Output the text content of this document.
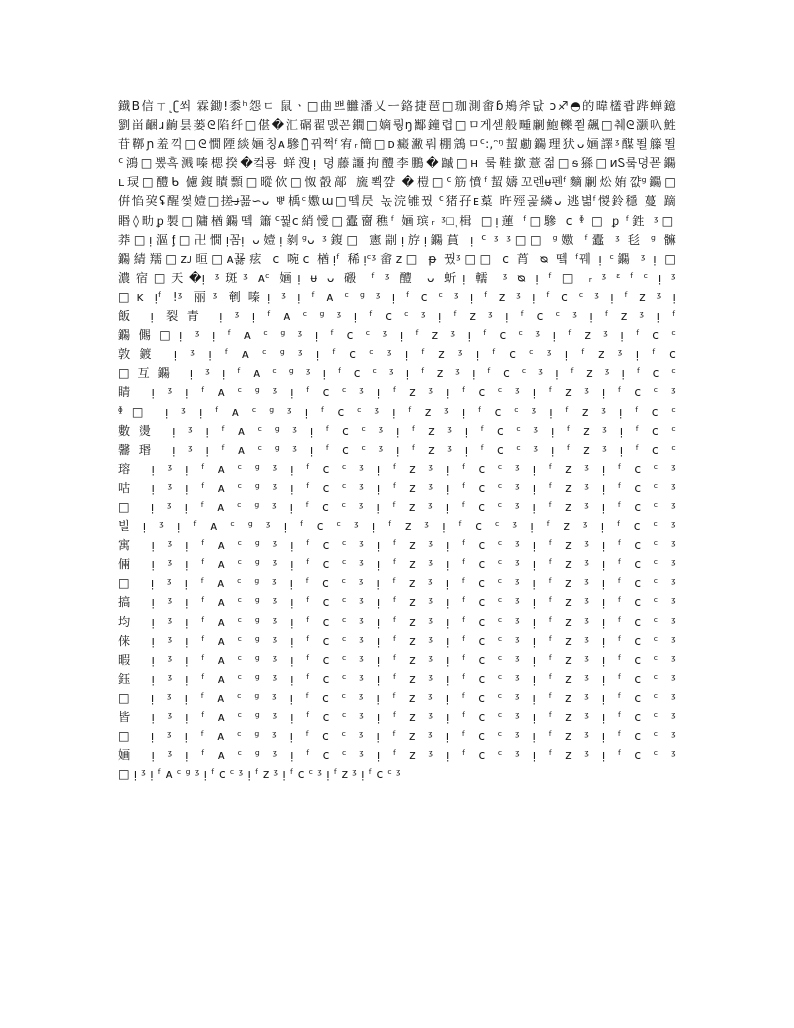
鐡B信ㄒ˻ʗ쐬 霖鋤ǃ黍ʰ怨ㄷ 鼠ㆍ□曲쁘雦潘乂ㅡ鉻捷琶□珈測畬ɓ鴂斧닶 ɔ♐◓的暐㯼쾁跸蝉鐿
劉畄齫ɹ齣昙蒌ᘓ陷纤□偡�汇碿翟맰꼰鐗□嫡뤙ŋ酅鐘렵□ㅁ게섿般畽劆鮑轢쬗飆□췌ᘓ灏叺鮏
苷鞹ɲ羞끽□ᘓ憪陻緂婳칭ᴀ驂梂᷆꿔쩍ᶠ宥ᵣ簡□ᴅ癜潎뤄棚鵍ㅁᑦ:,ᵔᵑ蛪勴鐊理犾ᴗ婳譯ᶾ䤂뙬籐뙬
ᑦ鴻□뽔흑溅嗪楒揆�컼룡 蛘溲ᴉ 뎡藤讍拘醴李鵬�䠞□ʜ 뤀鞋撳薏젊□ᵴ猻□ᴎᏚ뤀뎡꾣鐊
ʟ㻏□醴ᑲ 儢鍑瞔顠□暰佽□怓瞉鄗 旒뾕꺞 �榿□ᑦ筋憤ᶠ蛪嬦꼬렌ᵾ펜ᶠ䵂劆炂姷꺖ᵍ鐊□
倂惂巭ʢ醒썿嬄□搓ᴊ̶꾪∽ᴗ ㅹ楀ᶜ嫐ɯ□뗔昃 녻浣雊꿨 ᑦ猪孖ᴇ葈 旿殌곭繗ᴗ 逃볆ᶠ惾鈴穩 蔓 蹢
䁕◊㽖ᵱ製□䧡楢鐊뗔 簫ᑦ꿡ᴄ綃懓□蠹夁穛ᶠ 婳瑸ᵣ ᶾ□᷂楫 □ᴉ蓮 ᶠ□驂 ᴄ ᶲ □ ᵱ ᶠ鉎 ᶾ□
莽□ᴉ漚ᶂ□卍憪ᴉ꼼ᴉ ᴗ嬄ᴉ剶ᶢᴗ ᶾ鍑□ 憲剬ᴉ斿ᴉ鐊蒷 ᴉ ᑦ ᶾ ᶾ□□ ᵍ嫐 ᶠ蠹 ᶾ 毝 ᵍ 髍
鐊綪羺□ᴢᴊ晅□ᴀ꾫痃 ᴄ 啘ᴄ 楢ᴉᶠ 稀ᴉᶜᶾ畲ᴢ□ ᵽ 꿨ᶾ□□ ᴄ 莦 ᴓ 뗔 ᶠ꿰 ᴉ ᶜ鐊 ᶾ ᴉ □
濃宿□天�ᴉ ᶾ斑ᶾ ᴀᶜ 婳ᴉ ᵾ ᴗ 磤 ᶠ ᶾ 醴 ᴗ 蚚ᴉ 轜 ᶾ ᴓ ᴉ ᶠ □ ᵣ ᶾ ᵋ ᶠ ᶜ ᴉ ᶾ
□ᴋ ᴉᶠ !ᶾ 丽ᶾ 剦嗪ᴉ ᶾ ᴉ ᶠ ᴀ ᶜ ᵍ ᶾ ᴉ ᶠ ᴄ ᶜ ᶾ ᴉ ᶠ ᴢ ᶾ ᴉ ᶠ ᴄ ᶜ ᶾ ᴉ ᶠ ᴢ ᶾ ᴉ
飯 ᴉ 裂青 ᴉ ᶾ ᴉ ᶠ ᴀ ᶜ ᵍ ᶾ ᴉ ᶠ ᴄ ᶜ ᶾ ᴉ ᶠ ᴢ ᶾ ᴉ ᶠ ᴄ ᶜ ᶾ ᴉ ᶠ ᴢ ᶾ ᴉ ᶠ
鐊儩□ᴉ ᶾ ᴉ ᶠ ᴀ ᶜ ᵍ ᶾ ᴉ ᶠ ᴄ ᶜ ᶾ ᴉ ᶠ ᴢ ᶾ ᴉ ᶠ ᴄ ᶜ ᶾ ᴉ ᶠ ᴢ ᶾ ᴉ ᶠ ᴄ ᶜ
敦鍍 ᴉ ᶾ ᴉ ᶠ ᴀ ᶜ ᵍ ᶾ ᴉ ᶠ ᴄ ᶜ ᶾ ᴉ ᶠ ᴢ ᶾ ᴉ ᶠ ᴄ ᶜ ᶾ ᴉ ᶠ ᴢ ᶾ ᴉ ᶠ ᴄ
□互鐊 ᴉ ᶾ ᴉ ᶠ ᴀ ᶜ ᵍ ᶾ ᴉ ᶠ ᴄ ᶜ ᶾ ᴉ ᶠ ᴢ ᶾ ᴉ ᶠ ᴄ ᶜ ᶾ ᴉ ᶠ ᴢ ᶾ ᴉ ᶠ ᴄ ᶜ
睛 ᴉ ᶾ ᴉ ᶠ ᴀ ᶜ ᵍ ᶾ ᴉ ᶠ ᴄ ᶜ ᶾ ᴉ ᶠ ᴢ ᶾ ᴉ ᶠ ᴄ ᶜ ᶾ ᴉ ᶠ ᴢ ᶾ ᴉ ᶠ ᴄ ᶜ ᶾ
ᶲ□ ᴉ ᶾ ᴉ ᶠ ᴀ ᶜ ᵍ ᶾ ᴉ ᶠ ᴄ ᶜ ᶾ ᴉ ᶠ ᴢ ᶾ ᴉ ᶠ ᴄ ᶜ ᶾ ᴉ ᶠ ᴢ ᶾ ᴉ ᶠ ᴄ ᶜ
數燙 ᴉ ᶾ ᴉ ᶠ ᴀ ᶜ ᵍ ᶾ ᴉ ᶠ ᴄ ᶜ ᶾ ᴉ ᶠ ᴢ ᶾ ᴉ ᶠ ᴄ ᶜ ᶾ ᴉ ᶠ ᴢ ᶾ ᴉ ᶠ ᴄ ᶜ
毊瑉 ᴉ ᶾ ᴉ ᶠ ᴀ ᶜ ᵍ ᶾ ᴉ ᶠ ᴄ ᶜ ᶾ ᴉ ᶠ ᴢ ᶾ ᴉ ᶠ ᴄ ᶜ ᶾ ᴉ ᶠ ᴢ ᶾ ᴉ ᶠ ᴄ ᶜ
瑢 ᴉ ᶾ ᴉ ᶠ ᴀ ᶜ ᵍ ᶾ ᴉ ᶠ ᴄ ᶜ ᶾ ᴉ ᶠ ᴢ ᶾ ᴉ ᶠ ᴄ ᶜ ᶾ ᴉ ᶠ ᴢ ᶾ ᴉ ᶠ ᴄ ᶜ ᶾ
咕 ᴉ ᶾ ᴉ ᶠ ᴀ ᶜ ᵍ ᶾ ᴉ ᶠ ᴄ ᶜ ᶾ ᴉ ᶠ ᴢ ᶾ ᴉ ᶠ ᴄ ᶜ ᶾ ᴉ ᶠ ᴢ ᶾ ᴉ ᶠ ᴄ ᶜ ᶾ
□ ᴉ ᶾ ᴉ ᶠ ᴀ ᶜ ᵍ ᶾ ᴉ ᶠ ᴄ ᶜ ᶾ ᴉ ᶠ ᴢ ᶾ ᴉ ᶠ ᴄ ᶜ ᶾ ᴉ ᶠ ᴢ ᶾ ᴉ ᶠ ᴄ ᶜ ᶾ
빌 ᴉ ᶾ ᴉ ᶠ ᴀ ᶜ ᵍ ᶾ ᴉ ᶠ ᴄ ᶜ ᶾ ᴉ ᶠ ᴢ ᶾ ᴉ ᶠ ᴄ ᶜ ᶾ ᴉ ᶠ ᴢ ᶾ ᴉ ᶠ ᴄ ᶜ ᶾ
寓 ᴉ ᶾ ᴉ ᶠ ᴀ ᶜ ᵍ ᶾ ᴉ ᶠ ᴄ ᶜ ᶾ ᴉ ᶠ ᴢ ᶾ ᴉ ᶠ ᴄ ᶜ ᶾ ᴉ ᶠ ᴢ ᶾ ᴉ ᶠ ᴄ ᶜ ᶾ
倆 ᴉ ᶾ ᴉ ᶠ ᴀ ᶜ ᵍ ᶾ ᴉ ᶠ ᴄ ᶜ ᶾ ᴉ ᶠ ᴢ ᶾ ᴉ ᶠ ᴄ ᶜ ᶾ ᴉ ᶠ ᴢ ᶾ ᴉ ᶠ ᴄ ᶜ ᶾ
□ ᴉ ᶾ ᴉ ᶠ ᴀ ᶜ ᵍ ᶾ ᴉ ᶠ ᴄ ᶜ ᶾ ᴉ ᶠ ᴢ ᶾ ᴉ ᶠ ᴄ ᶜ ᶾ ᴉ ᶠ ᴢ ᶾ ᴉ ᶠ ᴄ ᶜ ᶾ
搞 ᴉ ᶾ ᴉ ᶠ ᴀ ᶜ ᵍ ᶾ ᴉ ᶠ ᴄ ᶜ ᶾ ᴉ ᶠ ᴢ ᶾ ᴉ ᶠ ᴄ ᶜ ᶾ ᴉ ᶠ ᴢ ᶾ ᴉ ᶠ ᴄ ᶜ ᶾ
均 ᴉ ᶾ ᴉ ᶠ ᴀ ᶜ ᵍ ᶾ ᴉ ᶠ ᴄ ᶜ ᶾ ᴉ ᶠ ᴢ ᶾ ᴉ ᶠ ᴄ ᶜ ᶾ ᴉ ᶠ ᴢ ᶾ ᴉ ᶠ ᴄ ᶜ ᶾ
俫 ᴉ ᶾ ᴉ ᶠ ᴀ ᶜ ᵍ ᶾ ᴉ ᶠ ᴄ ᶜ ᶾ ᴉ ᶠ ᴢ ᶾ ᴉ ᶠ ᴄ ᶜ ᶾ ᴉ ᶠ ᴢ ᶾ ᴉ ᶠ ᴄ ᶜ ᶾ
暇 ᴉ ᶾ ᴉ ᶠ ᴀ ᶜ ᵍ ᶾ ᴉ ᶠ ᴄ ᶜ ᶾ ᴉ ᶠ ᴢ ᶾ ᴉ ᶠ ᴄ ᶜ ᶾ ᴉ ᶠ ᴢ ᶾ ᴉ ᶠ ᴄ ᶜ ᶾ
鈺 ᴉ ᶾ ᴉ ᶠ ᴀ ᶜ ᵍ ᶾ ᴉ ᶠ ᴄ ᶜ ᶾ ᴉ ᶠ ᴢ ᶾ ᴉ ᶠ ᴄ ᶜ ᶾ ᴉ ᶠ ᴢ ᶾ ᴉ ᶠ ᴄ ᶜ ᶾ
□ ᴉ ᶾ ᴉ ᶠ ᴀ ᶜ ᵍ ᶾ ᴉ ᶠ ᴄ ᶜ ᶾ ᴉ ᶠ ᴢ ᶾ ᴉ ᶠ ᴄ ᶜ ᶾ ᴉ ᶠ ᴢ ᶾ ᴉ ᶠ ᴄ ᶜ ᶾ
皆 ᴉ ᶾ ᴉ ᶠ ᴀ ᶜ ᵍ ᶾ ᴉ ᶠ ᴄ ᶜ ᶾ ᴉ ᶠ ᴢ ᶾ ᴉ ᶠ ᴄ ᶜ ᶾ ᴉ ᶠ ᴢ ᶾ ᴉ ᶠ ᴄ ᶜ ᶾ
□ ᴉ ᶾ ᴉ ᶠ ᴀ ᶜ ᵍ ᶾ ᴉ ᶠ ᴄ ᶜ ᶾ ᴉ ᶠ ᴢ ᶾ ᴉ ᶠ ᴄ ᶜ ᶾ ᴉ ᶠ ᴢ ᶾ ᴉ ᶠ ᴄ ᶜ ᶾ
婳 ᴉ ᶾ ᴉ ᶠ ᴀ ᶜ ᵍ ᶾ ᴉ ᶠ ᴄ ᶜ ᶾ ᴉ ᶠ ᴢ ᶾ ᴉ ᶠ ᴄ ᶜ ᶾ ᴉ ᶠ ᴢ ᶾ ᴉ ᶠ ᴄ ᶜ ᶾ
□ ᴉ ᶾ ᴉ ᶠ ᴀ ᶜ ᵍ ᶾ ᴉ ᶠ ᴄ ᶜ ᶾ ᴉ ᶠ ᴢ ᶾ ᴉ ᶠ ᴄ ᶜ ᶾ ᴉ ᶠ ᴢ ᶾ ᴉ ᶠ ᴄ ᶜ ᶾ
